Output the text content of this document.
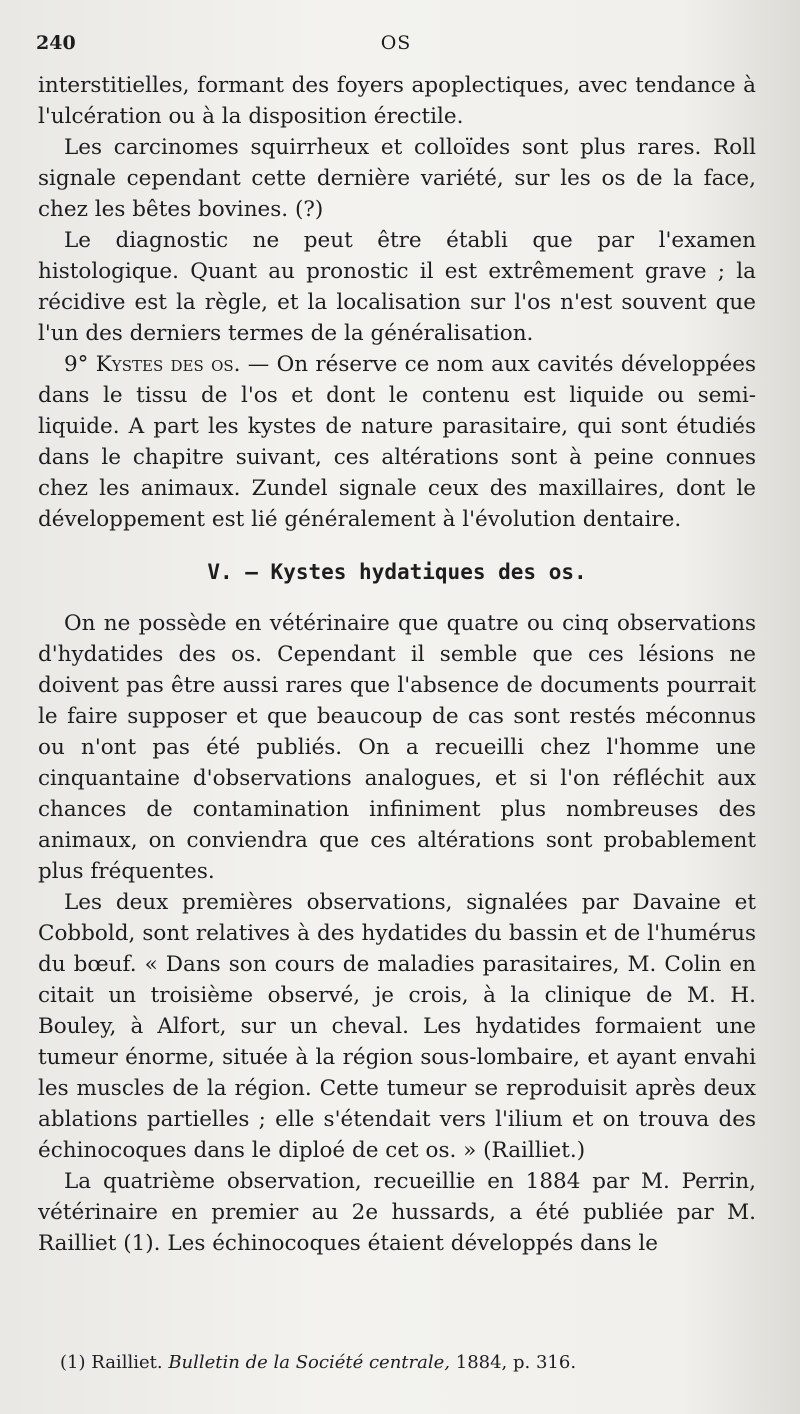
240	OS

interstitielles, formant des foyers apoplectiques, avec tendance à l'ulcération ou à la disposition érectile.

Les carcinomes squirrheux et colloïdes sont plus rares. Roll signale cependant cette dernière variété, sur les os de la face, chez les bêtes bovines. (?)

Le diagnostic ne peut être établi que par l'examen histologique. Quant au pronostic il est extrêmement grave ; la récidive est la règle, et la localisation sur l'os n'est souvent que l'un des derniers termes de la généralisation.

9° Kystes des os. — On réserve ce nom aux cavités développées dans le tissu de l'os et dont le contenu est liquide ou semi-liquide. A part les kystes de nature parasitaire, qui sont étudiés dans le chapitre suivant, ces altérations sont à peine connues chez les animaux. Zundel signale ceux des maxillaires, dont le développement est lié généralement à l'évolution dentaire.

V. — Kystes hydatiques des os.

On ne possède en vétérinaire que quatre ou cinq observations d'hydatides des os. Cependant il semble que ces lésions ne doivent pas être aussi rares que l'absence de documents pourrait le faire supposer et que beaucoup de cas sont restés méconnus ou n'ont pas été publiés. On a recueilli chez l'homme une cinquantaine d'observations analogues, et si l'on réfléchit aux chances de contamination infiniment plus nombreuses des animaux, on conviendra que ces altérations sont probablement plus fréquentes.

Les deux premières observations, signalées par Davaine et Cobbold, sont relatives à des hydatides du bassin et de l'humérus du bœuf. « Dans son cours de maladies parasitaires, M. Colin en citait un troisième observé, je crois, à la clinique de M. H. Bouley, à Alfort, sur un cheval. Les hydatides formaient une tumeur énorme, située à la région sous-lombaire, et ayant envahi les muscles de la région. Cette tumeur se reproduisit après deux ablations partielles ; elle s'étendait vers l'ilium et on trouva des échinocoques dans le diploé de cet os. » (Railliet.)

La quatrième observation, recueillie en 1884 par M. Perrin, vétérinaire en premier au 2e hussards, a été publiée par M. Railliet (1). Les échinocoques étaient développés dans le

(1) Railliet. Bulletin de la Société centrale, 1884, p. 316.
